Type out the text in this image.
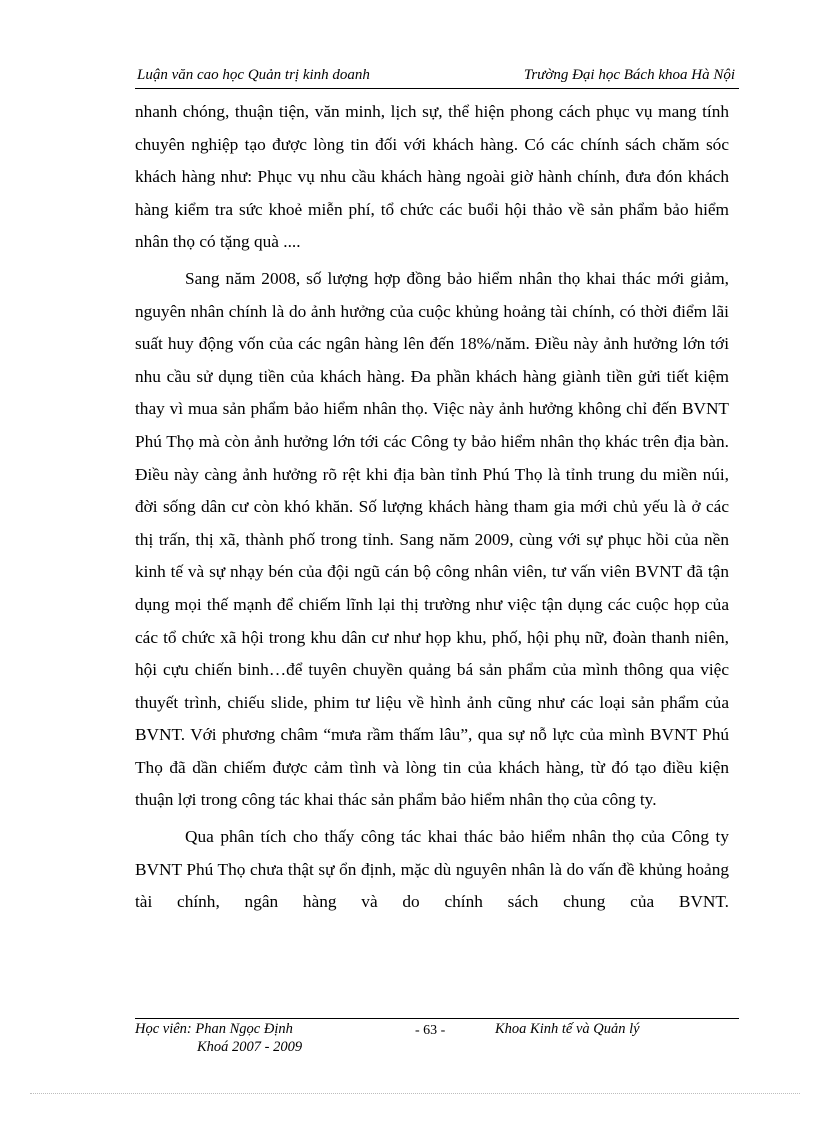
Luận văn cao học Quản trị kinh doanh	Trường Đại học Bách khoa Hà Nội

nhanh chóng, thuận tiện, văn minh, lịch sự, thể hiện phong cách phục vụ mang tính chuyên nghiệp tạo được lòng tin đối với khách hàng. Có các chính sách chăm sóc khách hàng như: Phục vụ nhu cầu khách hàng ngoài giờ hành chính, đưa đón khách hàng kiểm tra sức khoẻ miễn phí, tổ chức các buổi hội thảo về sản phẩm bảo hiểm nhân thọ có tặng quà ....

Sang năm 2008, số lượng hợp đồng bảo hiểm nhân thọ khai thác mới giảm, nguyên nhân chính là do ảnh hưởng của cuộc khủng hoảng tài chính, có thời điểm lãi suất huy động vốn của các ngân hàng lên đến 18%/năm. Điều này ảnh hưởng lớn tới nhu cầu sử dụng tiền của khách hàng. Đa phần khách hàng giành tiền gửi tiết kiệm thay vì mua sản phẩm bảo hiểm nhân thọ. Việc này ảnh hưởng không chỉ đến BVNT Phú Thọ mà còn ảnh hưởng lớn tới các Công ty bảo hiểm nhân thọ khác trên địa bàn. Điều này càng ảnh hưởng rõ rệt khi địa bàn tỉnh Phú Thọ là tỉnh trung du miền núi, đời sống dân cư còn khó khăn. Số lượng khách hàng tham gia mới chủ yếu là ở các thị trấn, thị xã, thành phố trong tỉnh. Sang năm 2009, cùng với sự phục hồi của nền kinh tế và sự nhạy bén của đội ngũ cán bộ công nhân viên, tư vấn viên BVNT đã tận dụng mọi thế mạnh để chiếm lĩnh lại thị trường như việc tận dụng các cuộc họp của các tổ chức xã hội trong khu dân cư như họp khu, phố, hội phụ nữ, đoàn thanh niên, hội cựu chiến binh…để tuyên chuyền quảng bá sản phẩm của mình thông qua việc thuyết trình, chiếu slide, phim tư liệu về hình ảnh cũng như các loại sản phẩm của BVNT. Với phương châm “mưa rầm thấm lâu”, qua sự nỗ lực của mình BVNT Phú Thọ đã dần chiếm được cảm tình và lòng tin của khách hàng, từ đó tạo điều kiện thuận lợi trong công tác khai thác sản phẩm bảo hiểm nhân thọ của công ty.

Qua phân tích cho thấy công tác khai thác bảo hiểm nhân thọ của Công ty BVNT Phú Thọ chưa thật sự ổn định, mặc dù nguyên nhân là do vấn đề khủng hoảng tài chính, ngân hàng và do chính sách chung của BVNT.

Học viên: Phan Ngọc Định
Khoá 2007 - 2009
- 63 -	Khoa Kinh tế và Quản lý
